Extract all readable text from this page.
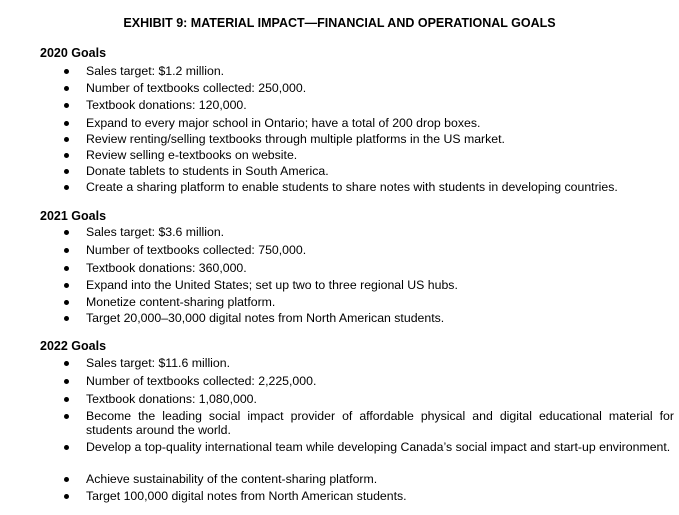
EXHIBIT 9: MATERIAL IMPACT—FINANCIAL AND OPERATIONAL GOALS
2020 Goals
Sales target: $1.2 million.
Number of textbooks collected: 250,000.
Textbook donations: 120,000.
Expand to every major school in Ontario; have a total of 200 drop boxes.
Review renting/selling textbooks through multiple platforms in the US market.
Review selling e-textbooks on website.
Donate tablets to students in South America.
Create a sharing platform to enable students to share notes with students in developing countries.
2021 Goals
Sales target: $3.6 million.
Number of textbooks collected: 750,000.
Textbook donations: 360,000.
Expand into the United States; set up two to three regional US hubs.
Monetize content-sharing platform.
Target 20,000–30,000 digital notes from North American students.
2022 Goals
Sales target: $11.6 million.
Number of textbooks collected: 2,225,000.
Textbook donations: 1,080,000.
Become the leading social impact provider of affordable physical and digital educational material for students around the world.
Develop a top-quality international team while developing Canada’s social impact and start-up environment.
Achieve sustainability of the content-sharing platform.
Target 100,000 digital notes from North American students.
